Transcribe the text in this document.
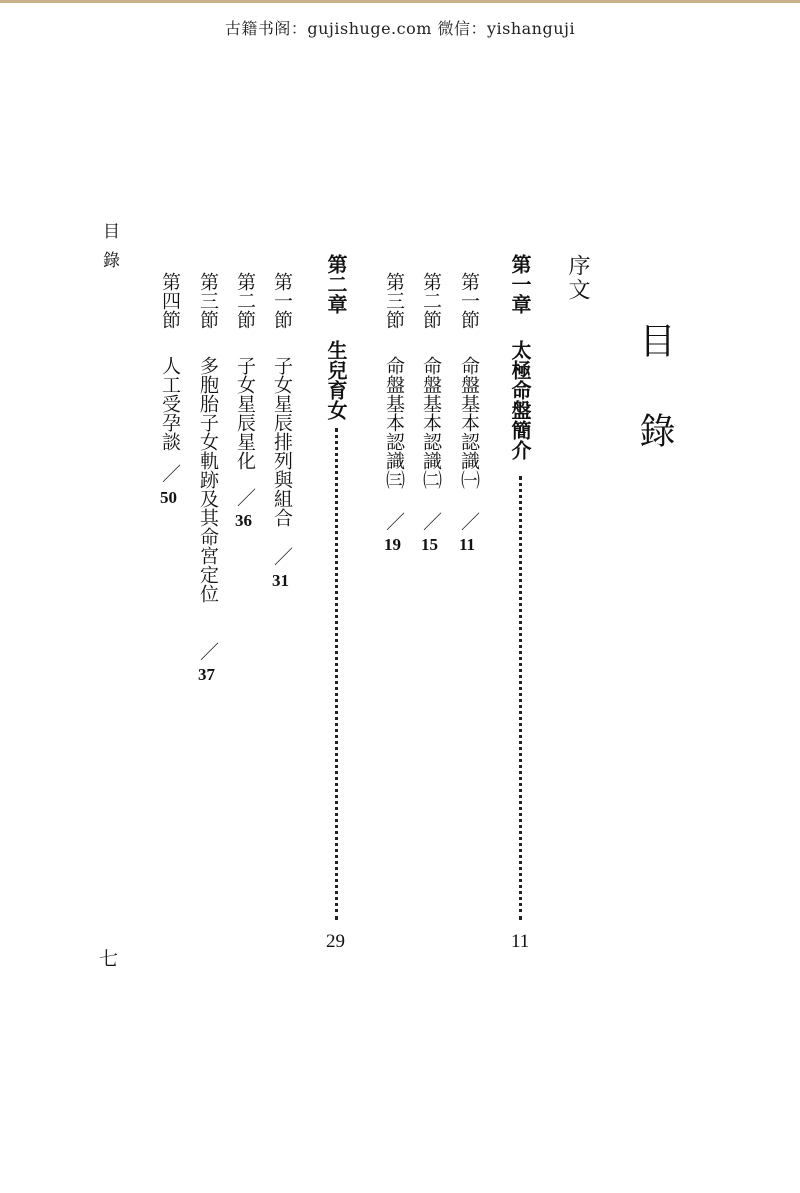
古籍书阁：gujishuge.com 微信：yishanguji
目錄
序文
第一章
太極命盤簡介
11
第一節
命盤基本認識㈠
／
11
第二節
命盤基本認識㈡
／
15
第三節
命盤基本認識㈢
／
19
第二章
生兒育女
29
第一節
子女星辰排列與組合
／
31
第二節
子女星辰星化
／
36
第三節
多胞胎子女軌跡及其命宮定位
／
37
第四節
人工受孕談
／
50
目錄
七
